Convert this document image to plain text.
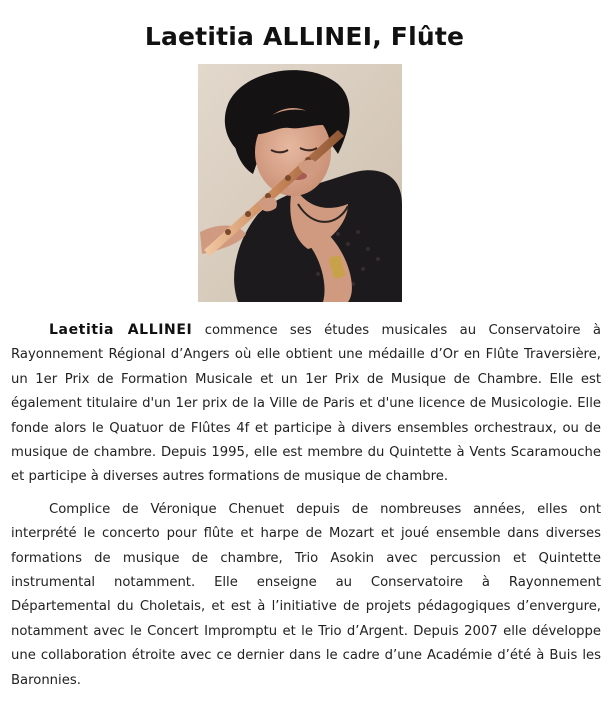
Laetitia ALLINEI, Flûte

Laetitia ALLINEI commence ses études musicales au Conservatoire à Rayonnement Régional d’Angers où elle obtient une médaille d’Or en Flûte Traversière, un 1er Prix de Formation Musicale et un 1er Prix de Musique de Chambre. Elle est également titulaire d'un 1er prix de la Ville de Paris et d'une licence de Musicologie. Elle fonde alors le Quatuor de Flûtes 4f et participe à divers ensembles orchestraux, ou de musique de chambre. Depuis 1995, elle est membre du Quintette à Vents Scaramouche et participe à diverses autres formations de musique de chambre.

Complice de Véronique Chenuet depuis de nombreuses années, elles ont interprété le concerto pour flûte et harpe de Mozart et joué ensemble dans diverses formations de musique de chambre, Trio Asokin avec percussion et Quintette instrumental notamment. Elle enseigne au Conservatoire à Rayonnement Départemental du Choletais, et est à l’initiative de projets pédagogiques d’envergure, notamment avec le Concert Impromptu et le Trio d’Argent. Depuis 2007 elle développe une collaboration étroite avec ce dernier dans le cadre d’une Académie d’été à Buis les Baronnies.
